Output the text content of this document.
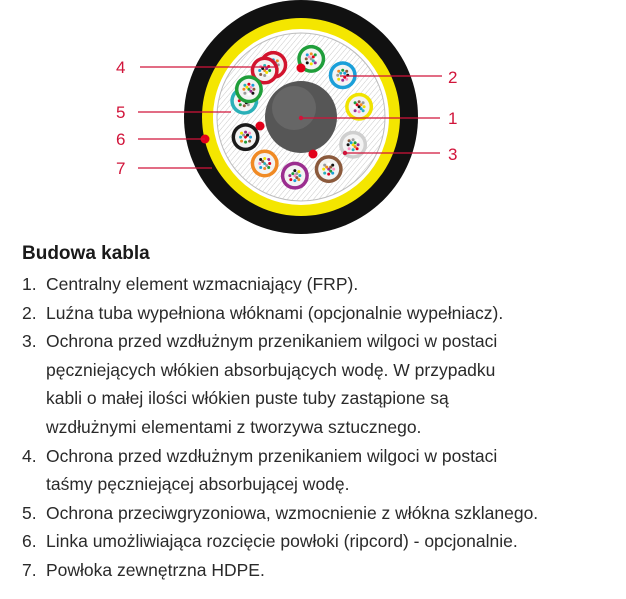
4
5
6
7
2
1
3
Budowa kabla
1. Centralny element wzmacniający (FRP).
2. Luźna tuba wypełniona włóknami (opcjonalnie wypełniacz).
3. Ochrona przed wzdłużnym przenikaniem wilgoci w postaci
pęczniejących włókien absorbujących wodę. W przypadku
kabli o małej ilości włókien puste tuby zastąpione są
wzdłużnymi elementami z tworzywa sztucznego.
4. Ochrona przed wzdłużnym przenikaniem wilgoci w postaci
taśmy pęczniejącej absorbującej wodę.
5. Ochrona przeciwgryzoniowa, wzmocnienie z włókna szklanego.
6. Linka umożliwiająca rozcięcie powłoki (ripcord) - opcjonalnie.
7. Powłoka zewnętrzna HDPE.
